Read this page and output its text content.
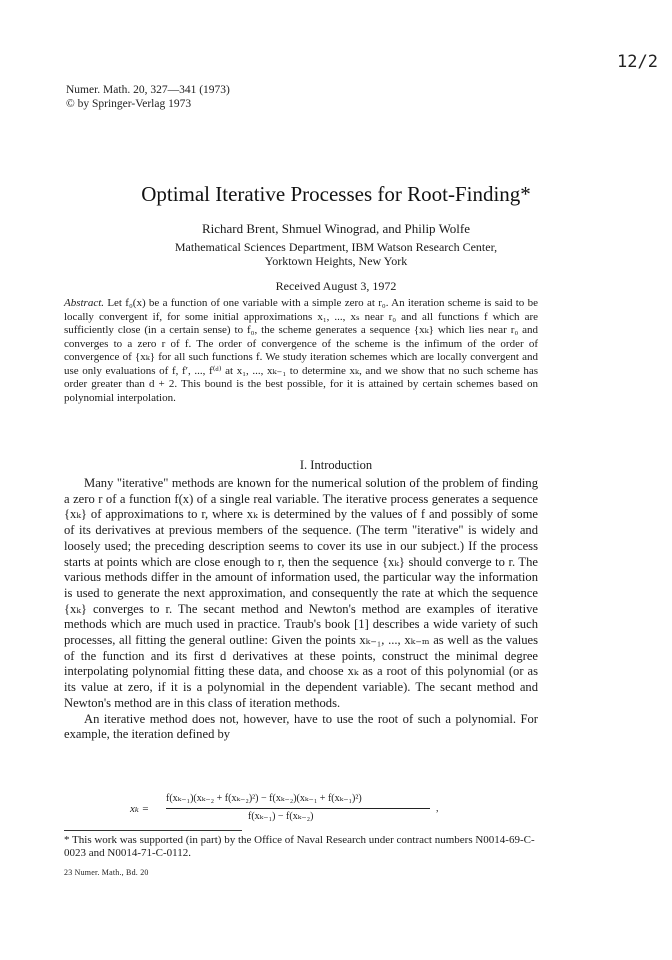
12/2
Numer. Math. 20, 327—341 (1973)
© by Springer-Verlag 1973
Optimal Iterative Processes for Root-Finding*
Richard Brent, Shmuel Winograd, and Philip Wolfe
Mathematical Sciences Department, IBM Watson Research Center,
Yorktown Heights, New York
Received August 3, 1972
Abstract. Let f₀(x) be a function of one variable with a simple zero at r₀. An iteration scheme is said to be locally convergent if, for some initial approximations x₁, ..., xₛ near r₀ and all functions f which are sufficiently close (in a certain sense) to f₀, the scheme generates a sequence {xₖ} which lies near r₀ and converges to a zero r of f. The order of convergence of the scheme is the infimum of the order of convergence of {xₖ} for all such functions f. We study iteration schemes which are locally convergent and use only evaluations of f, f′, ..., f⁽ᵈ⁾ at x₁, ..., xₖ₋₁ to determine xₖ, and we show that no such scheme has order greater than d + 2. This bound is the best possible, for it is attained by certain schemes based on polynomial interpolation.
I. Introduction

Many "iterative" methods are known for the numerical solution of the problem of finding a zero r of a function f(x) of a single real variable. The iterative process generates a sequence {xₖ} of approximations to r, where xₖ is determined by the values of f and possibly of some of its derivatives at previous members of the sequence. (The term "iterative" is widely and loosely used; the preceding description seems to cover its use in our subject.) If the process starts at points which are close enough to r, then the sequence {xₖ} should converge to r. The various methods differ in the amount of information used, the particular way the information is used to generate the next approximation, and consequently the rate at which the sequence {xₖ} converges to r. The secant method and Newton's method are examples of iterative methods which are much used in practice. Traub's book [1] describes a wide variety of such processes, all fitting the general outline: Given the points xₖ₋₁, ..., xₖ₋ₘ as well as the values of the function and its first d derivatives at these points, construct the minimal degree interpolating polynomial fitting these data, and choose xₖ as a root of this polynomial (or as its value at zero, if it is a polynomial in the dependent variable). The secant method and Newton's method are in this class of iteration methods.

An iterative method does not, however, have to use the root of such a polynomial. For example, the iteration defined by

xₖ =
f(xₖ₋₁)(xₖ₋₂ + f(xₖ₋₂)²) − f(xₖ₋₂)(xₖ₋₁ + f(xₖ₋₁)²)
f(xₖ₋₁) − f(xₖ₋₂)
,
* This work was supported (in part) by the Office of Naval Research under contract numbers N0014-69-C-0023 and N0014-71-C-0112.
23 Numer. Math., Bd. 20
